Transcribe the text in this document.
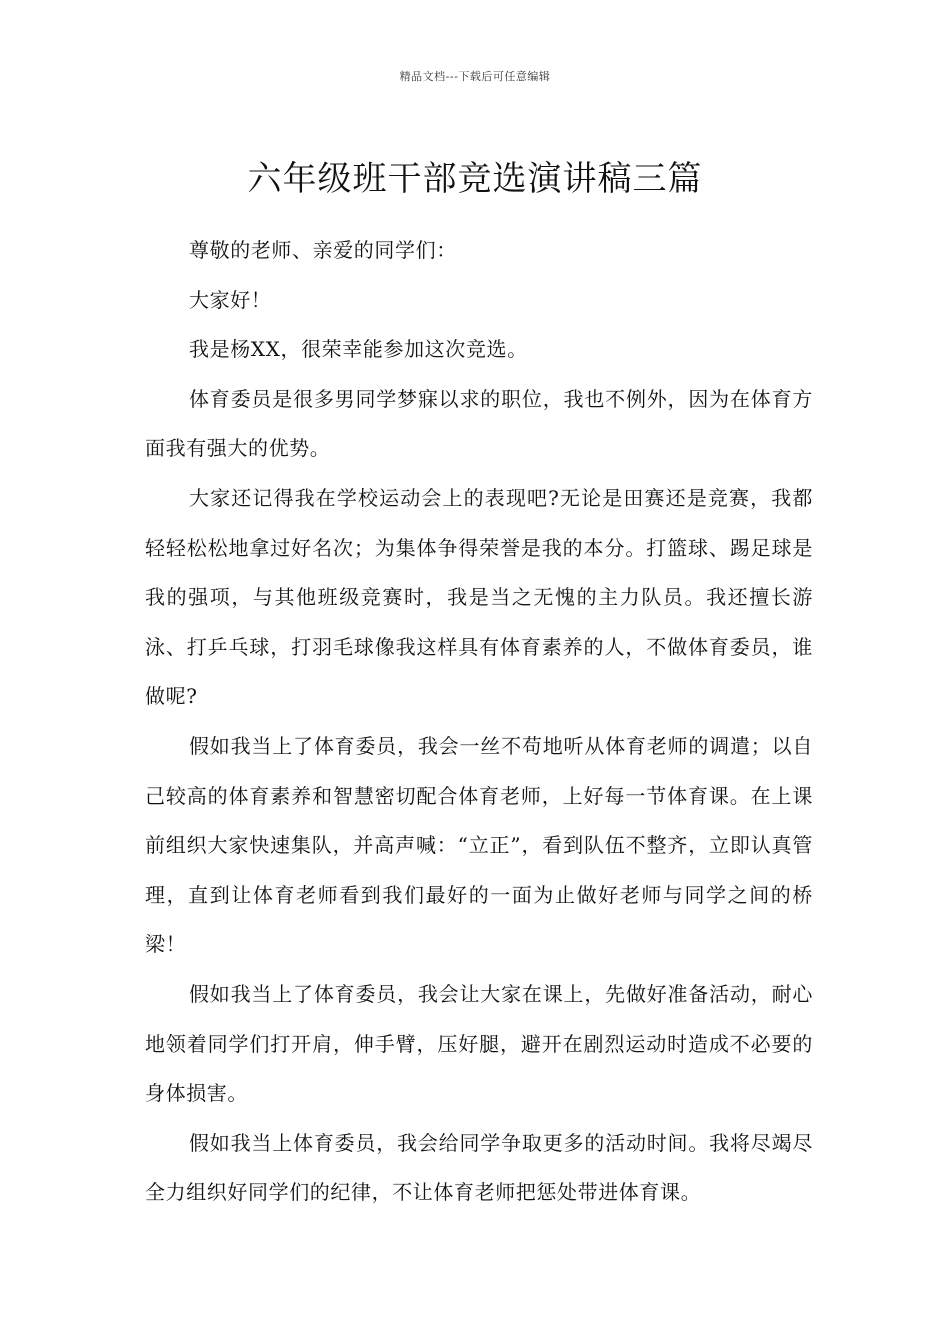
精品文档---下载后可任意编辑
六年级班干部竞选演讲稿三篇

尊敬的老师、亲爱的同学们：

大家好！

我是杨XX，很荣幸能参加这次竞选。

体育委员是很多男同学梦寐以求的职位，我也不例外，因为在体育方面我有强大的优势。

大家还记得我在学校运动会上的表现吧?无论是田赛还是竞赛，我都轻轻松松地拿过好名次；为集体争得荣誉是我的本分。打篮球、踢足球是我的强项，与其他班级竞赛时，我是当之无愧的主力队员。我还擅长游泳、打乒乓球，打羽毛球像我这样具有体育素养的人，不做体育委员，谁做呢?

假如我当上了体育委员，我会一丝不苟地听从体育老师的调遣；以自己较高的体育素养和智慧密切配合体育老师，上好每一节体育课。在上课前组织大家快速集队，并高声喊：“立正”，看到队伍不整齐，立即认真管理，直到让体育老师看到我们最好的一面为止做好老师与同学之间的桥梁！

假如我当上了体育委员，我会让大家在课上，先做好准备活动，耐心地领着同学们打开肩，伸手臂，压好腿，避开在剧烈运动时造成不必要的身体损害。

假如我当上体育委员，我会给同学争取更多的活动时间。我将尽竭尽全力组织好同学们的纪律，不让体育老师把惩处带进体育课。
